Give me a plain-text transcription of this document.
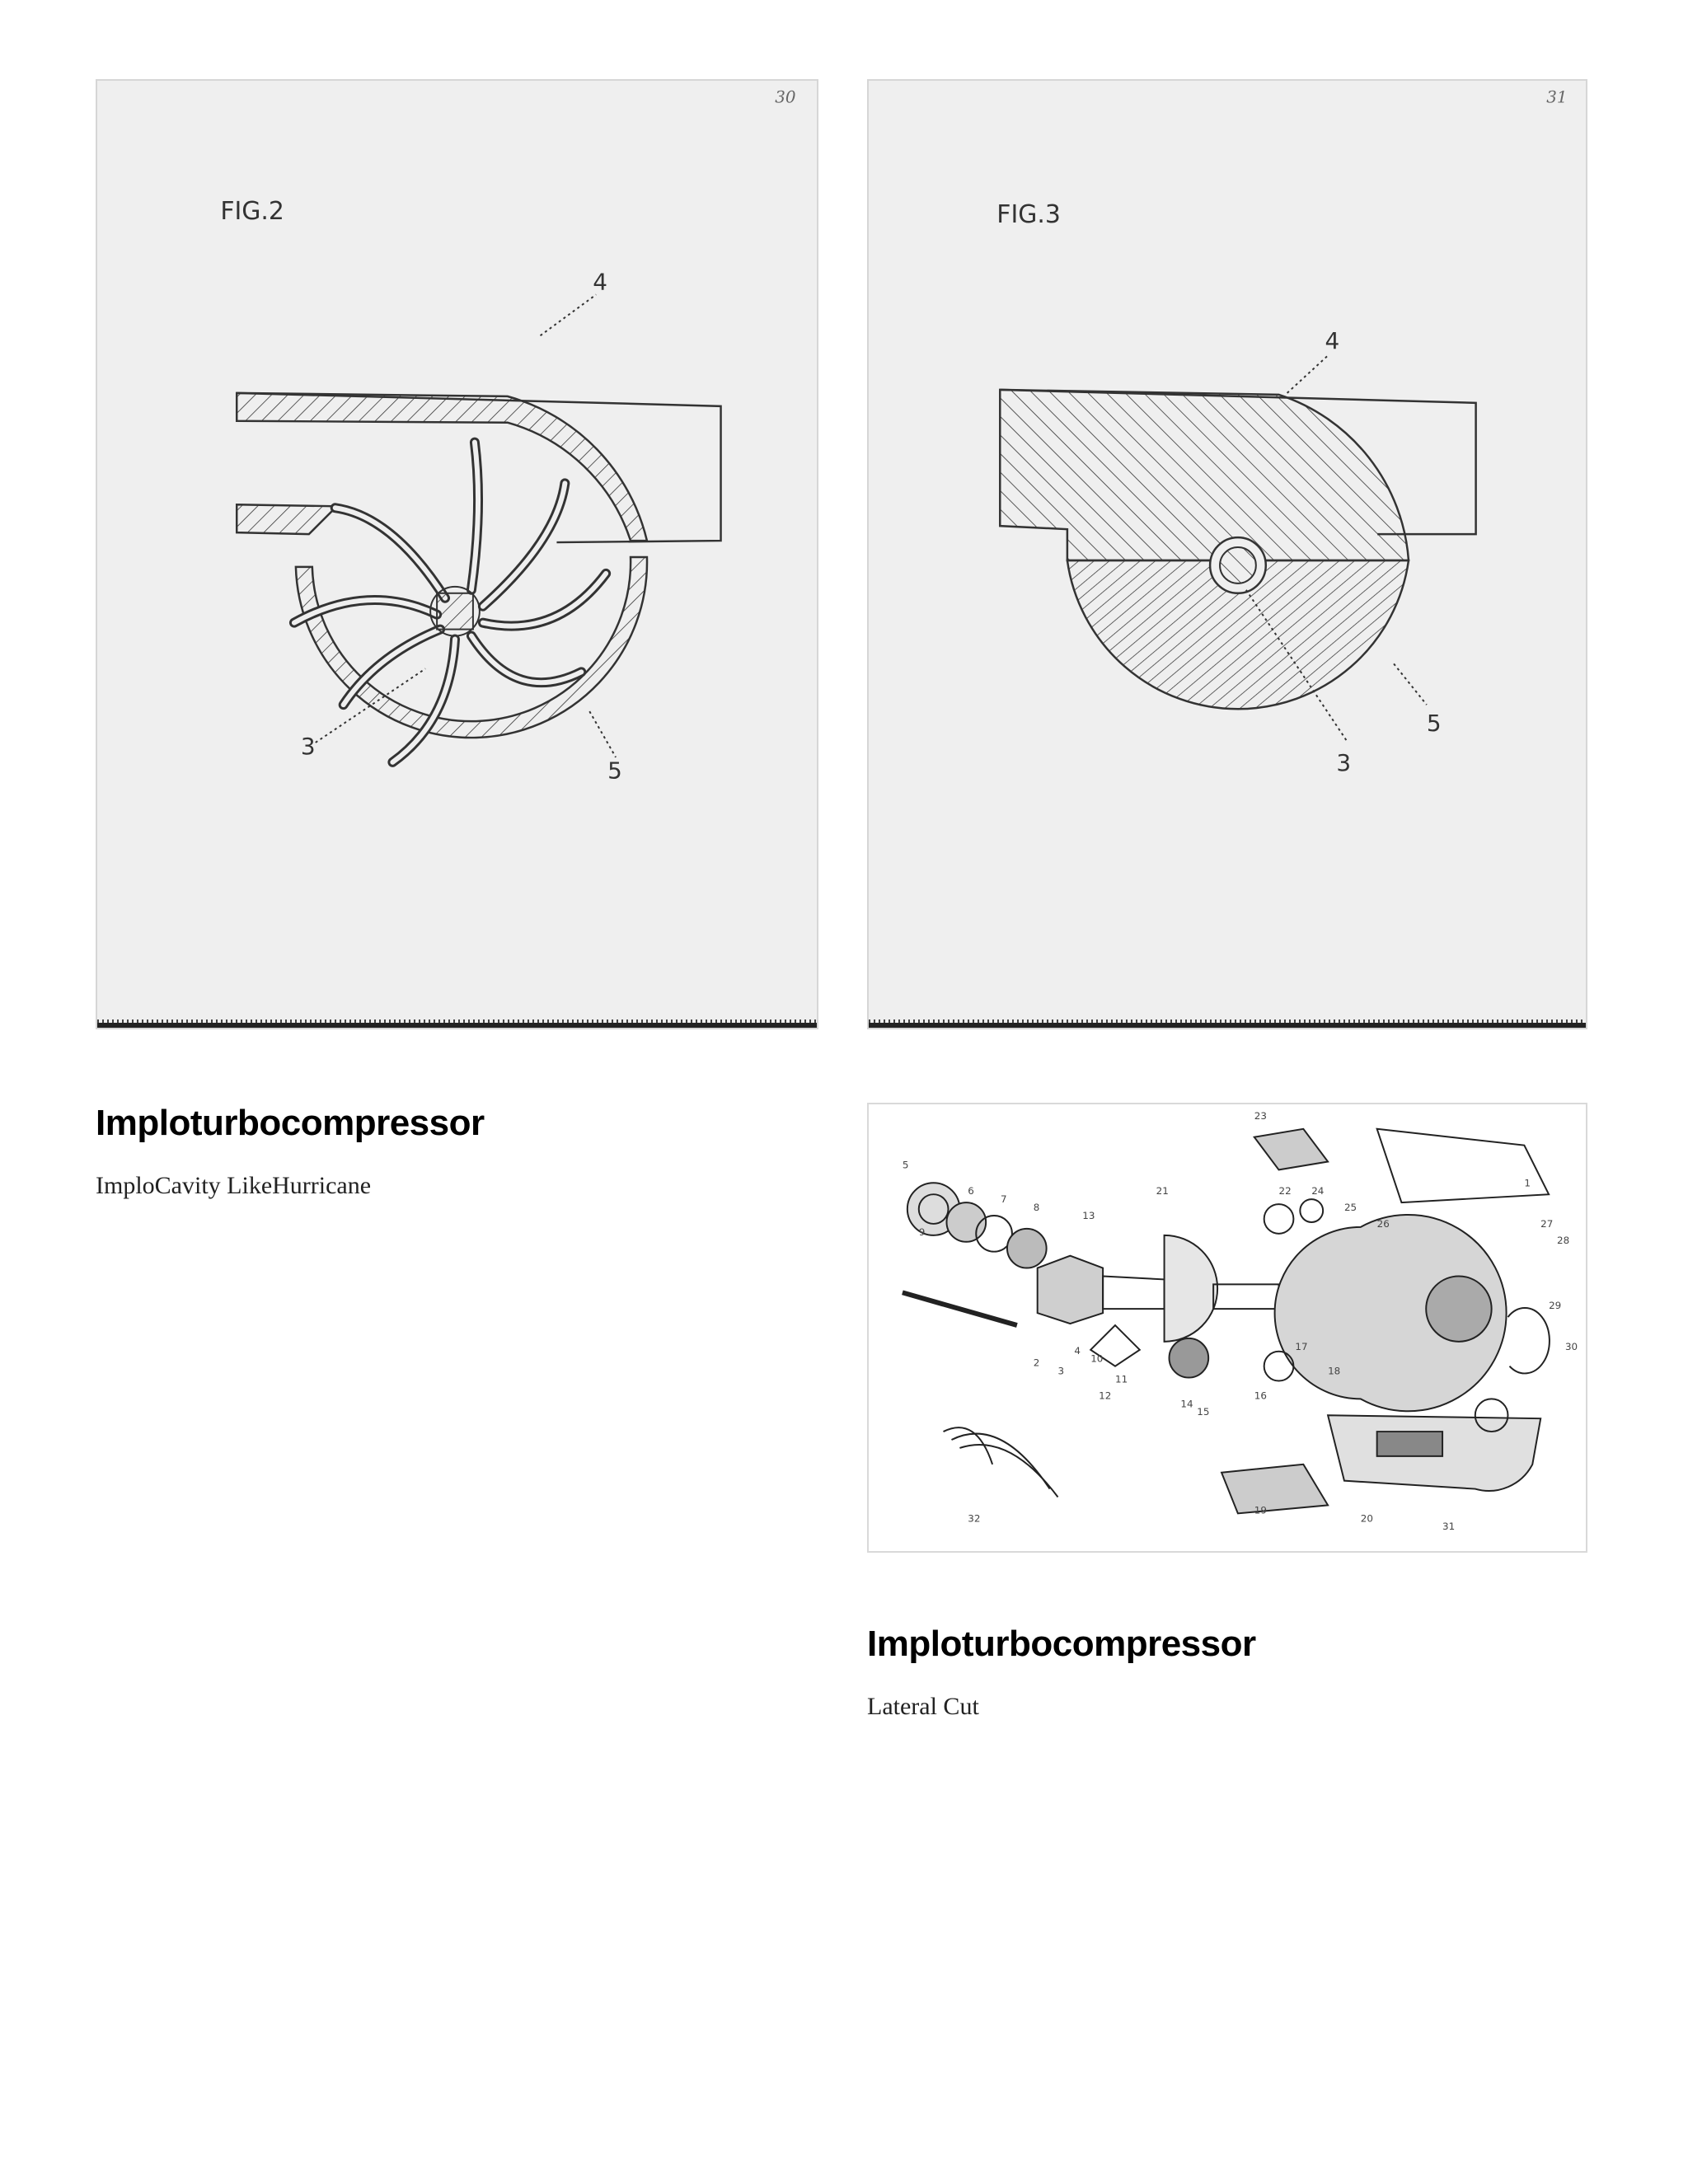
30
FIG.2
4
3
5
31
FIG.3
4
5
3
Imploturbocompressor

ImploCavity LikeHurricane

23
5
6
7
8
9
13
21	22 24
25
26	27
28
29
30
2
3
4
10
11
12
14
15
16
17
18
19
20
31
32
1
Imploturbocompressor

Lateral Cut
